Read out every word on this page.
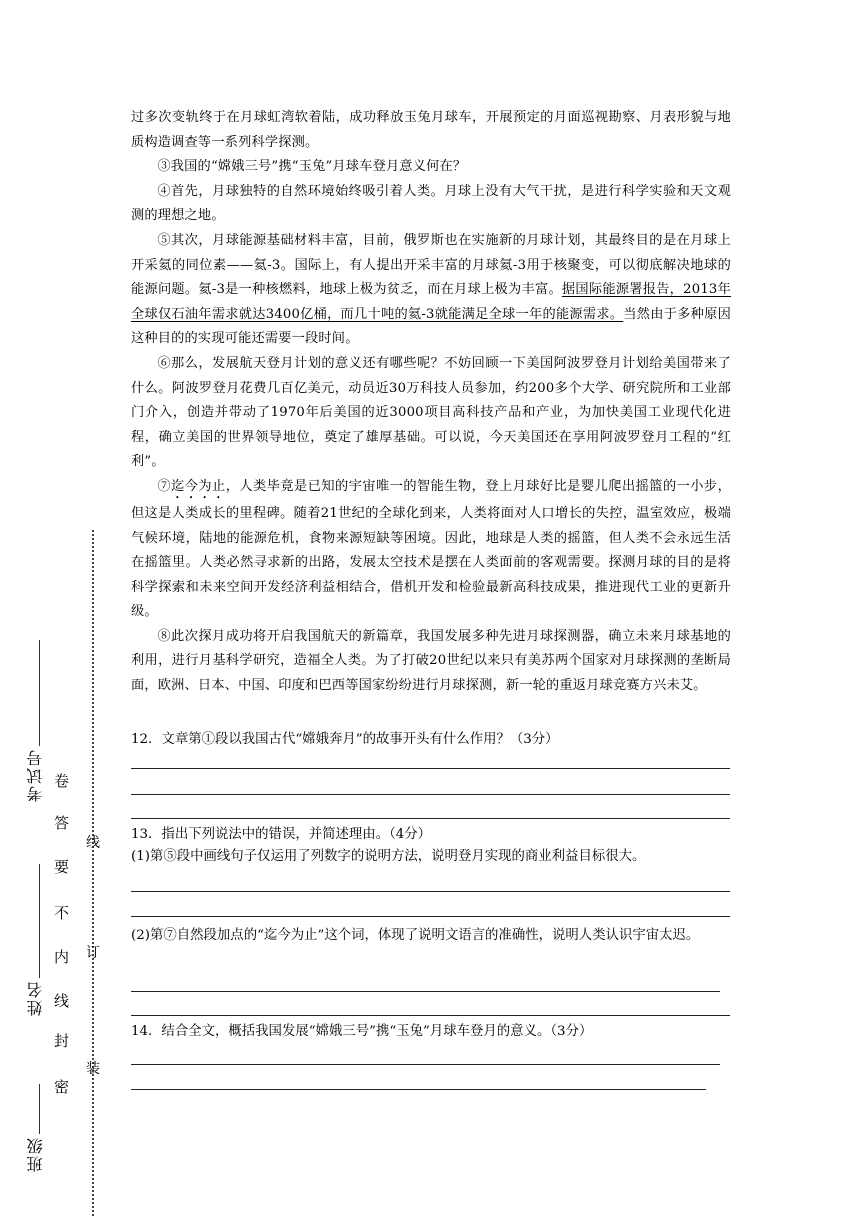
过多次变轨终于在月球虹湾软着陆，成功释放玉兔月球车，开展预定的月面巡视勘察、月表形貌与地质构造调查等一系列科学探测。

③我国的“嫦娥三号”携“玉兔”月球车登月意义何在？

④首先，月球独特的自然环境始终吸引着人类。月球上没有大气干扰，是进行科学实验和天文观测的理想之地。

⑤其次，月球能源基础材料丰富，目前，俄罗斯也在实施新的月球计划，其最终目的是在月球上开采氦的同位素——氦-3。国际上，有人提出开采丰富的月球氦-3用于核聚变，可以彻底解决地球的能源问题。氦-3是一种核燃料，地球上极为贫乏，而在月球上极为丰富。据国际能源署报告，2013年全球仅石油年需求就达3400亿桶，而几十吨的氦-3就能满足全球一年的能源需求。当然由于多种原因这种目的的实现可能还需要一段时间。

⑥那么，发展航天登月计划的意义还有哪些呢？不妨回顾一下美国阿波罗登月计划给美国带来了什么。阿波罗登月花费几百亿美元，动员近30万科技人员参加，约200多个大学、研究院所和工业部门介入，创造并带动了1970年后美国的近3000项目高科技产品和产业，为加快美国工业现代化进程，确立美国的世界领导地位，奠定了雄厚基础。可以说，今天美国还在享用阿波罗登月工程的“红利”。

⑦迄今为止，人类毕竟是已知的宇宙唯一的智能生物，登上月球好比是婴儿爬出摇篮的一小步，但这是人类成长的里程碑。随着21世纪的全球化到来，人类将面对人口增长的失控，温室效应，极端气候环境，陆地的能源危机，食物来源短缺等困境。因此，地球是人类的摇篮，但人类不会永远生活在摇篮里。人类必然寻求新的出路，发展太空技术是摆在人类面前的客观需要。探测月球的目的是将科学探索和未来空间开发经济利益相结合，借机开发和检验最新高科技成果，推进现代工业的更新升级。

⑧此次探月成功将开启我国航天的新篇章，我国发展多种先进月球探测器，确立未来月球基地的利用，进行月基科学研究，造福全人类。为了打破20世纪以来只有美苏两个国家对月球探测的垄断局面，欧洲、日本、中国、印度和巴西等国家纷纷进行月球探测，新一轮的重返月球竞赛方兴未艾。

12．文章第①段以我国古代“嫦娥奔月”的故事开头有什么作用？（3分）

13．指出下列说法中的错误，并简述理由。（4分）

(1)第⑤段中画线句子仅运用了列数字的说明方法，说明登月实现的商业利益目标很大。

(2)第⑦自然段加点的“迄今为止”这个词，体现了说明文语言的准确性，说明人类认识宇宙太迟。

14．结合全文，概括我国发展“嫦娥三号”携“玉兔”月球车登月的意义。（3分）

考试号
姓名
班级
密
封
线
内
不
要
答
卷
装
订
线
